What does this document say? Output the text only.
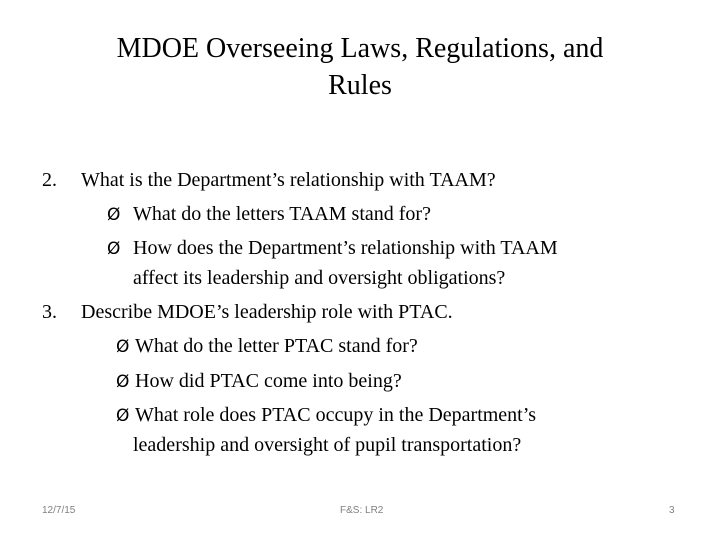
MDOE Overseeing Laws, Regulations, and
Rules
2. What is the Department’s relationship with TAAM?
Ø What do the letters TAAM stand for?
Ø How does the Department’s relationship with TAAM
affect its leadership and oversight obligations?
3. Describe MDOE’s leadership role with PTAC.
Ø What do the letter PTAC stand for?
Ø How did PTAC come into being?
Ø What role does PTAC occupy in the Department’s
leadership and oversight of pupil transportation?
12/7/15	F&S: LR2	3
